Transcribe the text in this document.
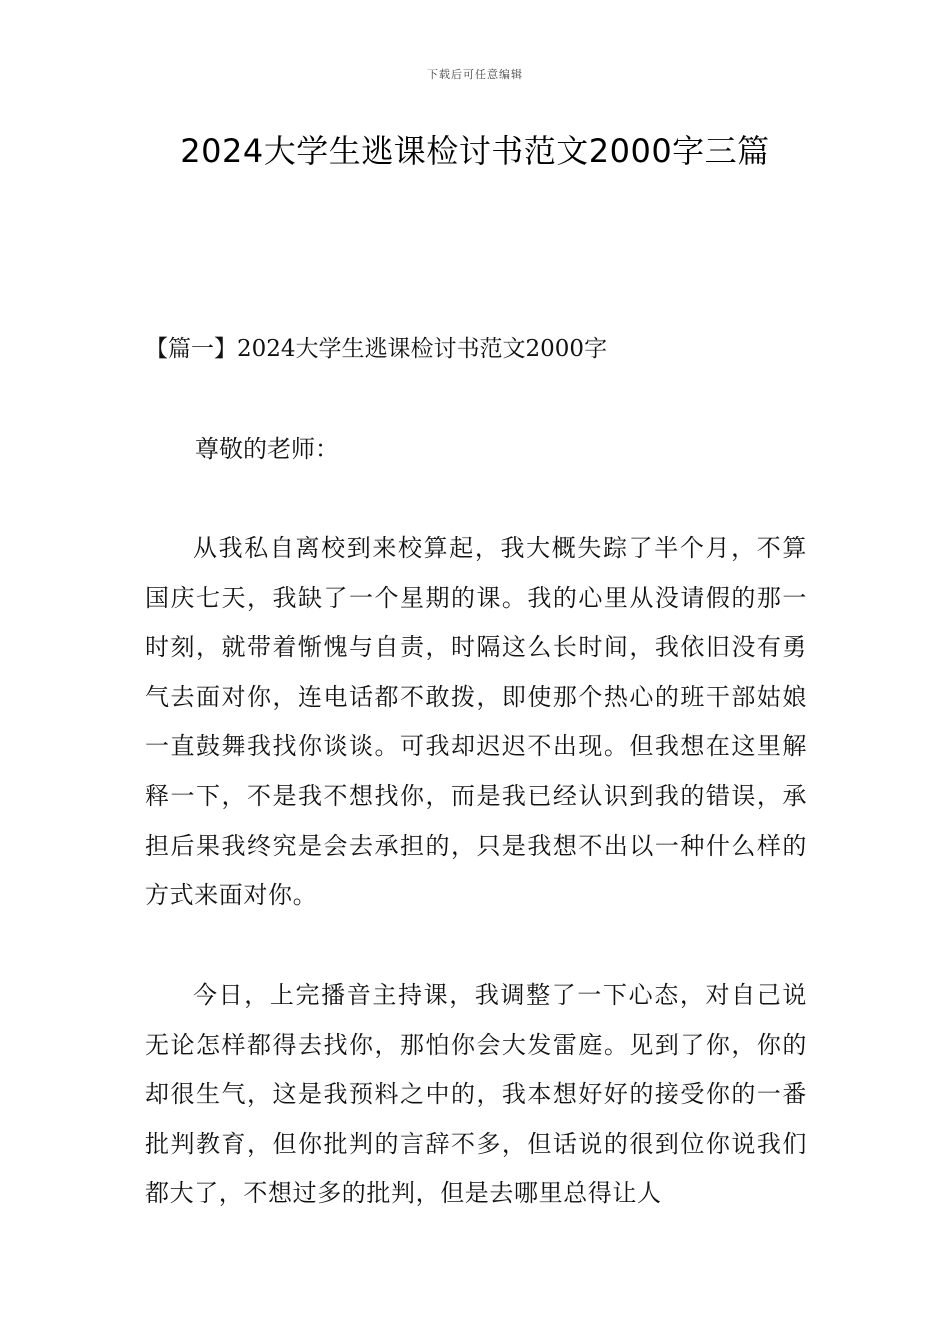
下载后可任意编辑
2024大学生逃课检讨书范文2000字三篇

【篇一】2024大学生逃课检讨书范文2000字

尊敬的老师：

从我私自离校到来校算起，我大概失踪了半个月，不算国庆七天，我缺了一个星期的课。我的心里从没请假的那一时刻，就带着惭愧与自责，时隔这么长时间，我依旧没有勇气去面对你，连电话都不敢拨，即使那个热心的班干部姑娘一直鼓舞我找你谈谈。可我却迟迟不出现。但我想在这里解释一下，不是我不想找你，而是我已经认识到我的错误，承担后果我终究是会去承担的，只是我想不出以一种什么样的方式来面对你。

今日，上完播音主持课，我调整了一下心态，对自己说无论怎样都得去找你，那怕你会大发雷庭。见到了你，你的却很生气，这是我预料之中的，我本想好好的接受你的一番批判教育，但你批判的言辞不多，但话说的很到位你说我们都大了，不想过多的批判，但是去哪里总得让人
